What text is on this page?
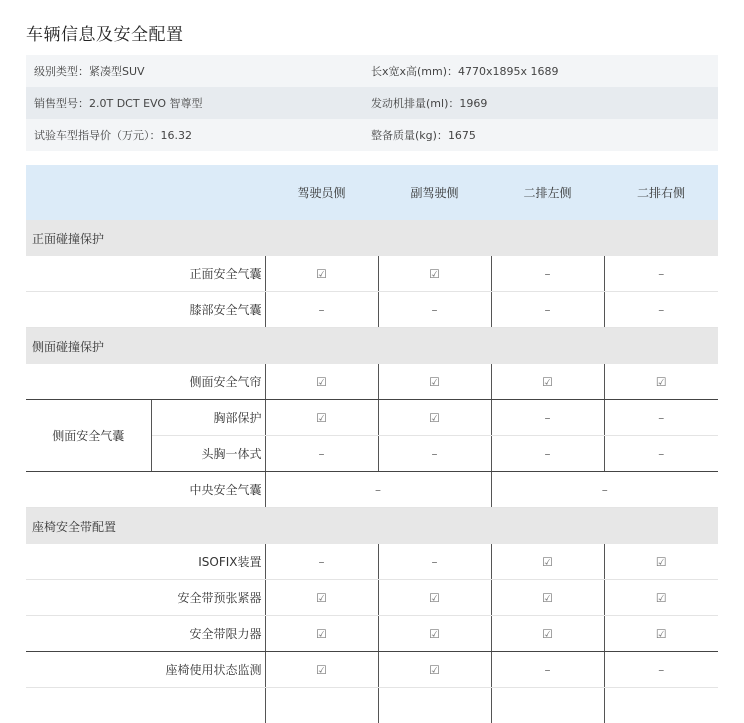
车辆信息及安全配置
级别类型：紧凑型SUV	长x宽x高(mm)：4770x1895x 1689
销售型号：2.0T DCT EVO 智尊型	发动机排量(ml)：1969
试验车型指导价（万元）：16.32	整备质量(kg)：1675
		驾驶员侧	副驾驶侧	二排左侧	二排右侧
正面碰撞保护					
正面安全气囊		☑	☑	–	–
膝部安全气囊		–	–	–	–
侧面碰撞保护					
侧面安全气帘		☑	☑	☑	☑
侧面安全气囊	胸部保护	☑	☑	–	–
	头胸一体式	–	–	–	–
中央安全气囊		–		–	
座椅安全带配置					
ISOFIX装置		–	–	☑	☑
安全带预张紧器		☑	☑	☑	☑
安全带限力器		☑	☑	☑	☑
座椅使用状态监测		☑	☑	–	–
